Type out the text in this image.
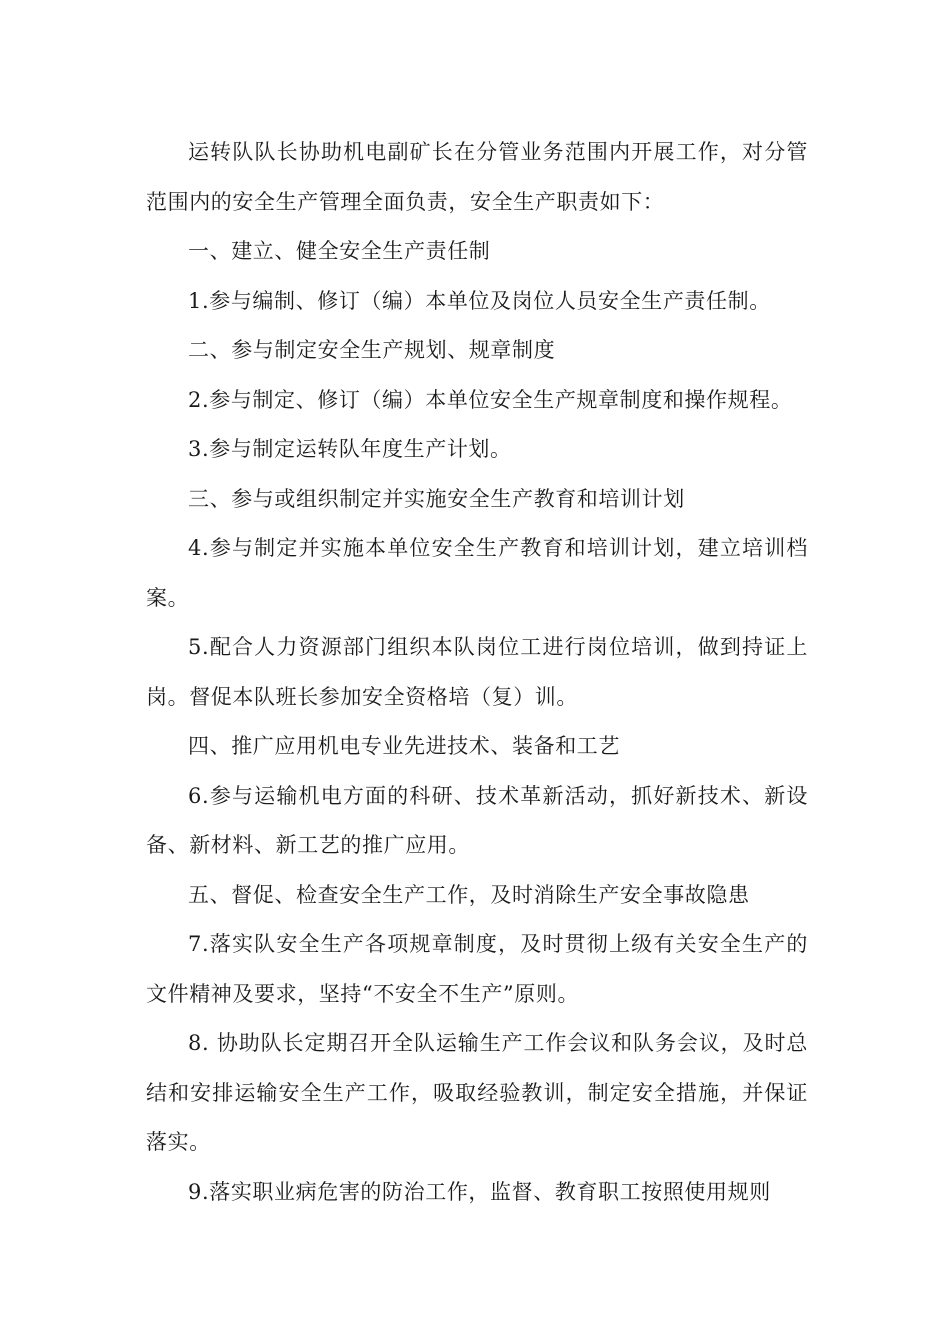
运转队队长协助机电副矿长在分管业务范围内开展工作，对分管范围内的安全生产管理全面负责，安全生产职责如下：

一、建立、健全安全生产责任制

1.参与编制、修订（编）本单位及岗位人员安全生产责任制。

二、参与制定安全生产规划、规章制度

2.参与制定、修订（编）本单位安全生产规章制度和操作规程。

3.参与制定运转队年度生产计划。

三、参与或组织制定并实施安全生产教育和培训计划

4.参与制定并实施本单位安全生产教育和培训计划，建立培训档案。

5.配合人力资源部门组织本队岗位工进行岗位培训，做到持证上岗。督促本队班长参加安全资格培（复）训。

四、推广应用机电专业先进技术、装备和工艺

6.参与运输机电方面的科研、技术革新活动，抓好新技术、新设备、新材料、新工艺的推广应用。

五、督促、检查安全生产工作，及时消除生产安全事故隐患

7.落实队安全生产各项规章制度，及时贯彻上级有关安全生产的文件精神及要求，坚持“不安全不生产”原则。

8. 协助队长定期召开全队运输生产工作会议和队务会议，及时总结和安排运输安全生产工作，吸取经验教训，制定安全措施，并保证落实。

9.落实职业病危害的防治工作，监督、教育职工按照使用规则
